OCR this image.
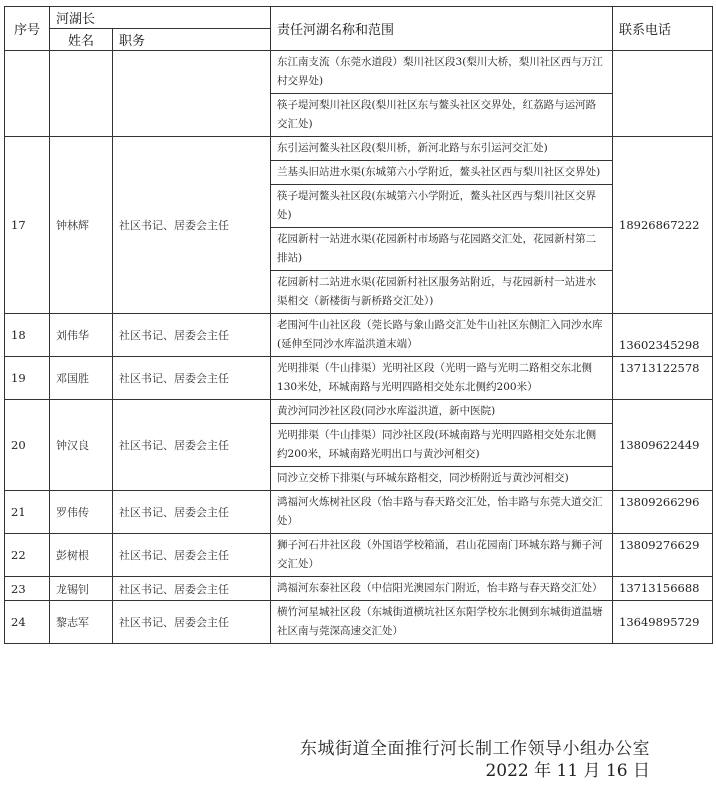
序号	河湖长		责任河湖名称和范围	联系电话
	姓名	职务		

			东江南支流（东莞水道段）梨川社区段3(梨川大桥，梨川社区西与万江村交界处)
筷子堤河梨川社区段(梨川社区东与鳌头社区交界处，红荔路与运河路交汇处)	

17	钟林辉	社区书记、居委会主任	东引运河鳌头社区段(梨川桥，新河北路与东引运河交汇处)
兰基头旧站进水渠(东城第六小学附近，鳌头社区西与梨川社区交界处)
筷子堤河鳌头社区段(东城第六小学附近，鳌头社区西与梨川社区交界处)
花园新村一站进水渠(花园新村市场路与花园路交汇处，花园新村第二排站)
花园新村二站进水渠(花园新村社区服务站附近，与花园新村一站进水渠相交（新楼街与新桥路交汇处）)	18926867222
18	刘伟华	社区书记、居委会主任	老围河牛山社区段（莞长路与象山路交汇处牛山社区东侧汇入同沙水库(延伸至同沙水库溢洪道末端）	13602345298
19	邓国胜	社区书记、居委会主任	光明排渠（牛山排渠）光明社区段（光明一路与光明二路相交东北侧130米处，环城南路与光明四路相交处东北侧约200米）	13713122578
20	钟汉良	社区书记、居委会主任	黄沙河同沙社区段(同沙水库溢洪道，新中医院)
光明排渠（牛山排渠）同沙社区段(环城南路与光明四路相交处东北侧约200米，环城南路光明出口与黄沙河相交)
同沙立交桥下排渠(与环城东路相交，同沙桥附近与黄沙河相交)	13809622449
21	罗伟传	社区书记、居委会主任	鸿福河火炼树社区段（怡丰路与春天路交汇处，怡丰路与东莞大道交汇处）	13809266296
22	彭树根	社区书记、居委会主任	狮子河石井社区段（外国语学校箱涌，君山花园南门环城东路与狮子河交汇处）	13809276629
23	龙锡钊	社区书记、居委会主任	鸿福河东泰社区段（中信阳光澳园东门附近，怡丰路与春天路交汇处）	13713156688
24	黎志军	社区书记、居委会主任	横竹河星城社区段（东城街道横坑社区东阳学校东北侧到东城街道温塘社区南与莞深高速交汇处）	13649895729
东城街道全面推行河长制工作领导小组办公室
2022 年 11 月 16 日
